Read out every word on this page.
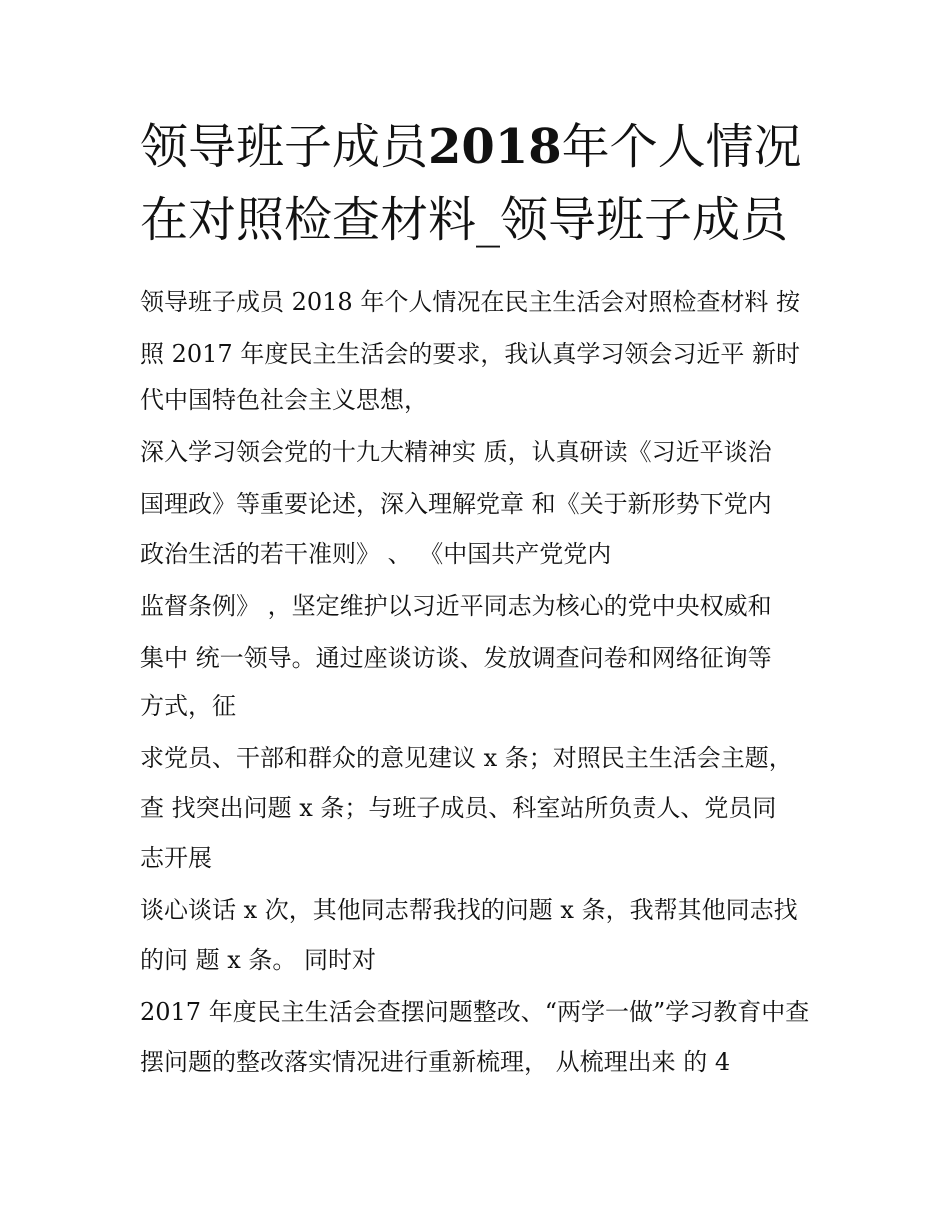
领导班子成员2018年个人情况
在对照检查材料_领导班子成员

领导班子成员 2018 年个人情况在民主生活会对照检查材料 按

照 2017 年度民主生活会的要求，我认真学习领会习近平 新时

代中国特色社会主义思想，

深入学习领会党的十九大精神实 质，认真研读《习近平谈治

国理政》等重要论述，深入理解党章 和《关于新形势下党内

政治生活的若干准则》 、 《中国共产党党内

监督条例》 ，坚定维护以习近平同志为核心的党中央权威和

集中 统一领导。通过座谈访谈、发放调查问卷和网络征询等

方式，征

求党员、干部和群众的意见建议 x 条；对照民主生活会主题，

查 找突出问题 x 条；与班子成员、科室站所负责人、党员同

志开展

谈心谈话 x 次，其他同志帮我找的问题 x 条，我帮其他同志找

的问 题 x 条。 同时对

2017 年度民主生活会查摆问题整改、“两学一做”学习教育中查

摆问题的整改落实情况进行重新梳理， 从梳理出来 的 4
